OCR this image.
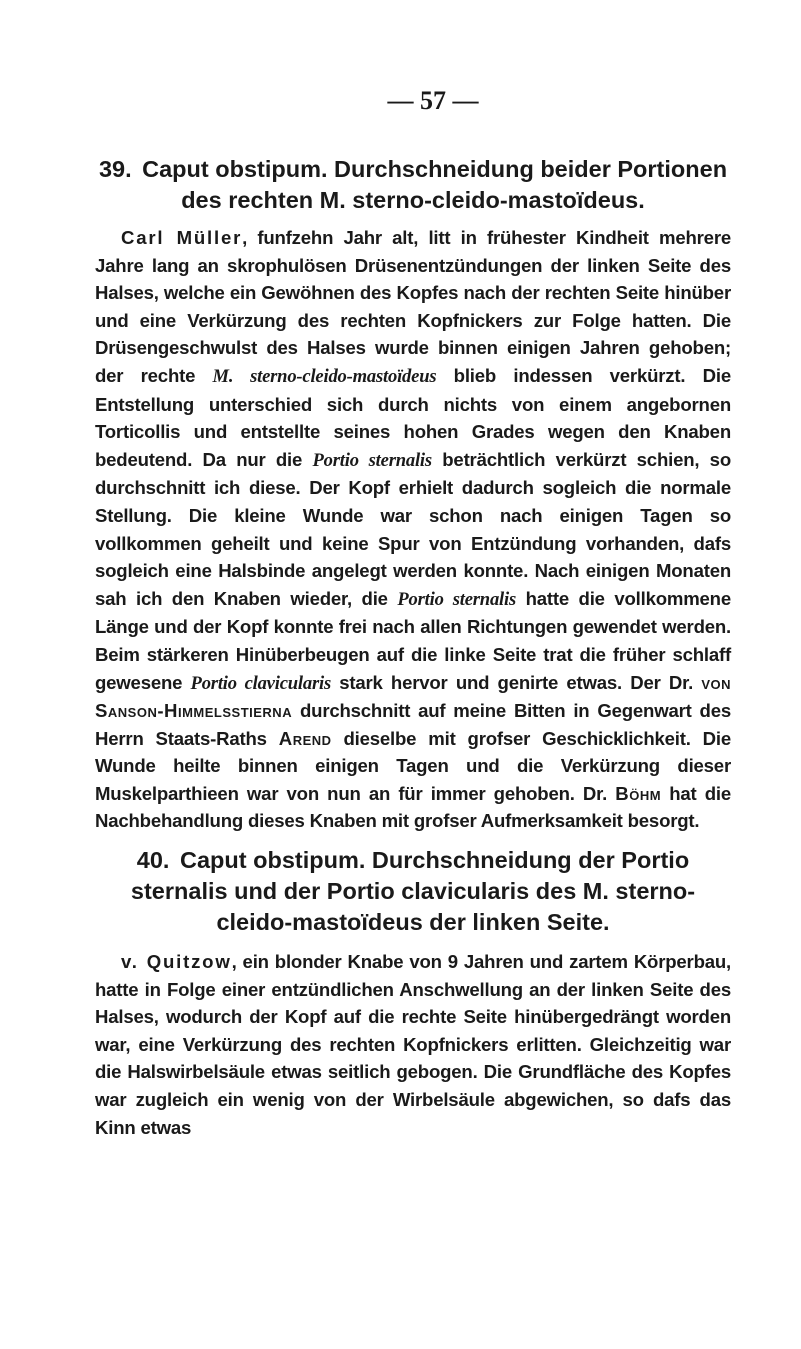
— 57 —
39. Caput obstipum. Durchschneidung beider Portionen des rechten M. sterno-cleido-mastoïdeus.

Carl Müller, funfzehn Jahr alt, litt in frühester Kindheit mehrere Jahre lang an skrophulösen Drüsenentzündungen der linken Seite des Halses, welche ein Gewöhnen des Kopfes nach der rechten Seite hinüber und eine Verkürzung des rechten Kopfnickers zur Folge hatten. Die Drüsengeschwulst des Halses wurde binnen einigen Jahren gehoben; der rechte M. sterno-cleido-mastoïdeus blieb indessen verkürzt. Die Entstellung unterschied sich durch nichts von einem angebornen Torticollis und entstellte seines hohen Grades wegen den Knaben bedeutend. Da nur die Portio sternalis beträchtlich verkürzt schien, so durchschnitt ich diese. Der Kopf erhielt dadurch sogleich die normale Stellung. Die kleine Wunde war schon nach einigen Tagen so vollkommen geheilt und keine Spur von Entzündung vorhanden, dafs sogleich eine Halsbinde angelegt werden konnte. Nach einigen Monaten sah ich den Knaben wieder, die Portio sternalis hatte die vollkommene Länge und der Kopf konnte frei nach allen Richtungen gewendet werden. Beim stärkeren Hinüberbeugen auf die linke Seite trat die früher schlaff gewesene Portio clavicularis stark hervor und genirte etwas. Der Dr. von Sanson-Himmelsstierna durchschnitt auf meine Bitten in Gegenwart des Herrn Staats-Raths Arend dieselbe mit grofser Geschicklichkeit. Die Wunde heilte binnen einigen Tagen und die Verkürzung dieser Muskelparthieen war von nun an für immer gehoben. Dr. Böhm hat die Nachbehandlung dieses Knaben mit grofser Aufmerksamkeit besorgt.

40. Caput obstipum. Durchschneidung der Portio sternalis und der Portio clavicularis des M. sterno-cleido-mastoïdeus der linken Seite.

v. Quitzow, ein blonder Knabe von 9 Jahren und zartem Körperbau, hatte in Folge einer entzündlichen Anschwellung an der linken Seite des Halses, wodurch der Kopf auf die rechte Seite hinübergedrängt worden war, eine Verkürzung des rechten Kopfnickers erlitten. Gleichzeitig war die Halswirbelsäule etwas seitlich gebogen. Die Grundfläche des Kopfes war zugleich ein wenig von der Wirbelsäule abgewichen, so dafs das Kinn etwas
